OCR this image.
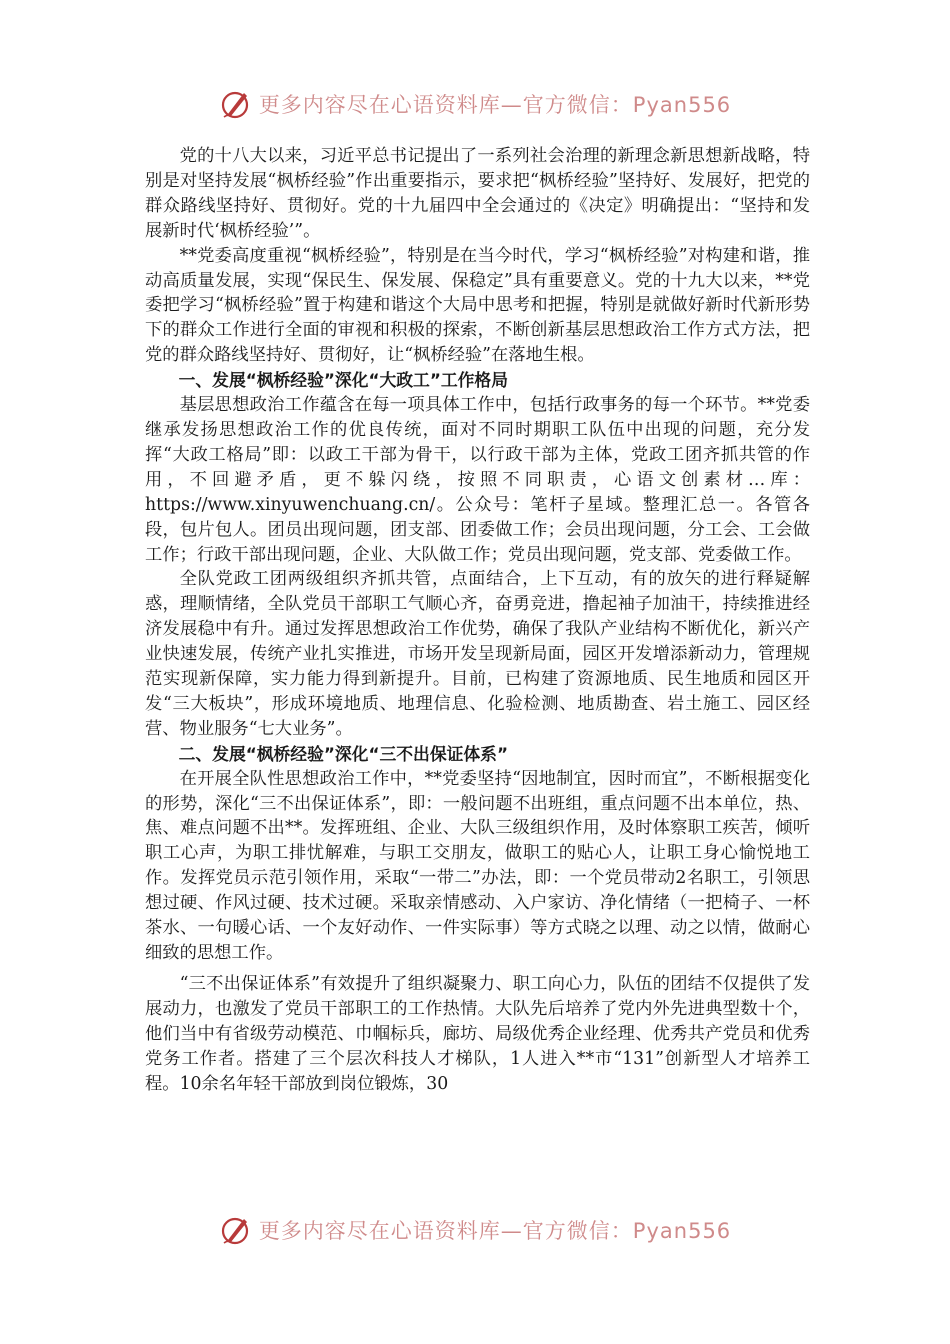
更多内容尽在心语资料库—官方微信：Pyan556

党的十八大以来，习近平总书记提出了一系列社会治理的新理念新思想新战略，特别是对坚持发展“枫桥经验”作出重要指示，要求把“枫桥经验”坚持好、发展好，把党的群众路线坚持好、贯彻好。党的十九届四中全会通过的《决定》明确提出：“坚持和发展新时代‘枫桥经验’”。

**党委高度重视“枫桥经验”，特别是在当今时代，学习“枫桥经验”对构建和谐，推动高质量发展，实现“保民生、保发展、保稳定”具有重要意义。党的十九大以来，**党委把学习“枫桥经验”置于构建和谐这个大局中思考和把握，特别是就做好新时代新形势下的群众工作进行全面的审视和积极的探索，不断创新基层思想政治工作方式方法，把党的群众路线坚持好、贯彻好，让“枫桥经验”在落地生根。

一、发展“枫桥经验”深化“大政工”工作格局

基层思想政治工作蕴含在每一项具体工作中，包括行政事务的每一个环节。**党委继承发扬思想政治工作的优良传统，面对不同时期职工队伍中出现的问题，充分发挥“大政工格局”即：以政工干部为骨干，以行政干部为主体，党政工团齐抓共管的作用，不回避矛盾，更不躲闪绕，按照不同职责，心语文创素材…库：https://www.xinyuwenchuang.cn/。公众号：笔杆子星域。整理汇总一。各管各段，包片包人。团员出现问题，团支部、团委做工作；会员出现问题，分工会、工会做工作；行政干部出现问题，企业、大队做工作；党员出现问题，党支部、党委做工作。

全队党政工团两级组织齐抓共管，点面结合，上下互动，有的放矢的进行释疑解惑，理顺情绪，全队党员干部职工气顺心齐，奋勇竞进，撸起袖子加油干，持续推进经济发展稳中有升。通过发挥思想政治工作优势，确保了我队产业结构不断优化，新兴产业快速发展，传统产业扎实推进，市场开发呈现新局面，园区开发增添新动力，管理规范实现新保障，实力能力得到新提升。目前，已构建了资源地质、民生地质和园区开发“三大板块”，形成环境地质、地理信息、化验检测、地质勘查、岩土施工、园区经营、物业服务“七大业务”。

二、发展“枫桥经验”深化“三不出保证体系”

在开展全队性思想政治工作中，**党委坚持“因地制宜，因时而宜”，不断根据变化的形势，深化“三不出保证体系”，即：一般问题不出班组，重点问题不出本单位，热、焦、难点问题不出**。发挥班组、企业、大队三级组织作用，及时体察职工疾苦，倾听职工心声，为职工排忧解难，与职工交朋友，做职工的贴心人，让职工身心愉悦地工作。发挥党员示范引领作用，采取“一带二”办法，即：一个党员带动2名职工，引领思想过硬、作风过硬、技术过硬。采取亲情感动、入户家访、净化情绪（一把椅子、一杯茶水、一句暖心话、一个友好动作、一件实际事）等方式晓之以理、动之以情，做耐心细致的思想工作。

“三不出保证体系”有效提升了组织凝聚力、职工向心力，队伍的团结不仅提供了发展动力，也激发了党员干部职工的工作热情。大队先后培养了党内外先进典型数十个，他们当中有省级劳动模范、巾帼标兵，廊坊、局级优秀企业经理、优秀共产党员和优秀党务工作者。搭建了三个层次科技人才梯队，1人进入**市“131”创新型人才培养工程。10余名年轻干部放到岗位锻炼，30

更多内容尽在心语资料库—官方微信：Pyan556
